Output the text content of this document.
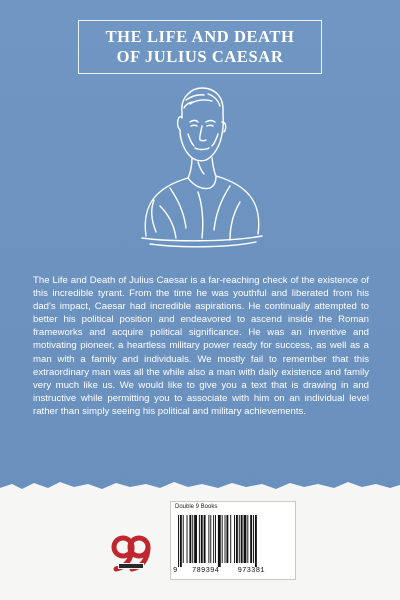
THE LIFE AND DEATH
OF JULIUS CAESAR
The Life and Death of Julius Caesar is a far-reaching check of the existence of this incredible tyrant. From the time he was youthful and liberated from his dad's impact, Caesar had incredible aspirations. He continually attempted to better his political position and endeavored to ascend inside the Roman frameworks and acquire political significance. He was an inventive and motivating pioneer, a heartless military power ready for success, as well as a man with a family and individuals. We mostly fail to remember that this extraordinary man was all the while also a man with daily existence and family very much like us. We would like to give you a text that is drawing in and instructive while permitting you to associate with him on an individual level rather than simply seeing his political and military achievements.
Double 9 Books
9 789394	973381
